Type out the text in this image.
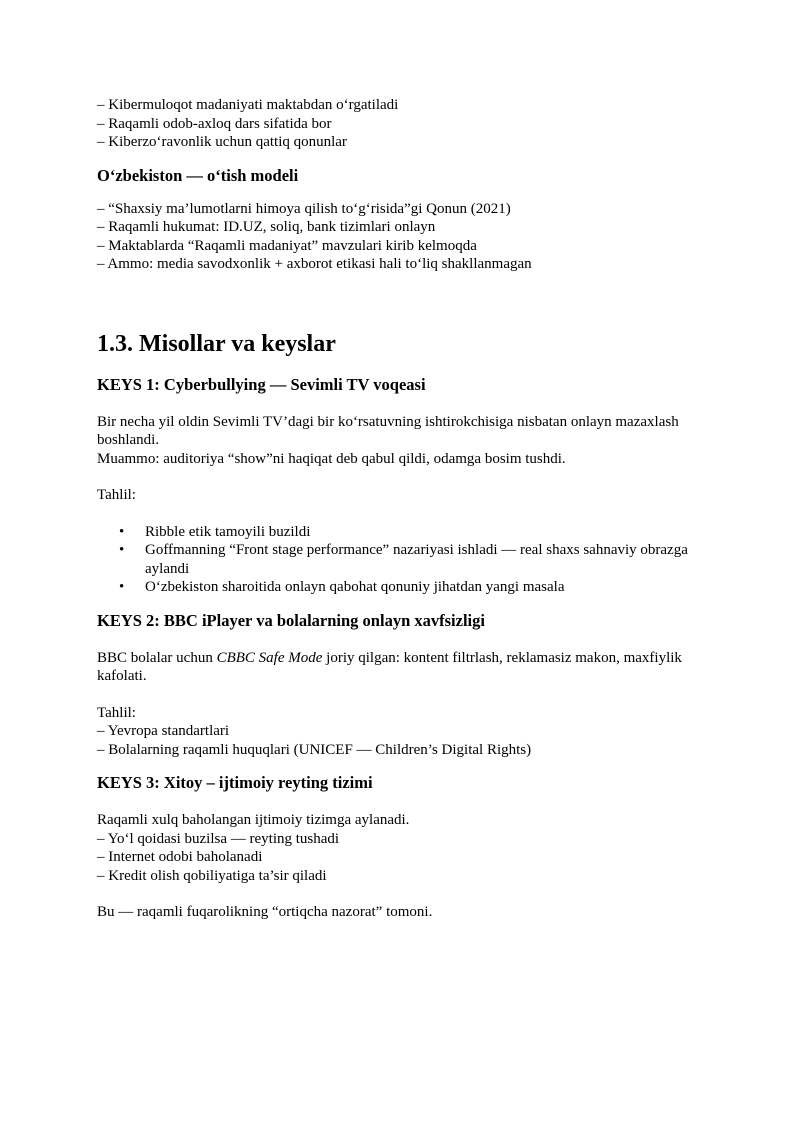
– Kibermuloqot madaniyati maktabdan o‘rgatiladi
– Raqamli odob-axloq dars sifatida bor
– Kiberzo‘ravonlik uchun qattiq qonunlar
O‘zbekiston — o‘tish modeli
– “Shaxsiy ma’lumotlarni himoya qilish to‘g‘risida”gi Qonun (2021)
– Raqamli hukumat: ID.UZ, soliq, bank tizimlari onlayn
– Maktablarda “Raqamli madaniyat” mavzulari kirib kelmoqda
– Ammo: media savodxonlik + axborot etikasi hali to‘liq shakllanmagan
1.3. Misollar va keyslar
KEYS 1: Cyberbullying — Sevimli TV voqeasi
Bir necha yil oldin Sevimli TV’dagi bir ko‘rsatuvning ishtirokchisiga nisbatan onlayn mazaxlash boshlandi.
Muammo: auditoriya “show”ni haqiqat deb qabul qildi, odamga bosim tushdi.
Tahlil:
• Ribble etik tamoyili buzildi
• Goffmanning “Front stage performance” nazariyasi ishladi — real shaxs sahnaviy obrazga aylandi
• O‘zbekiston sharoitida onlayn qabohat qonuniy jihatdan yangi masala
KEYS 2: BBC iPlayer va bolalarning onlayn xavfsizligi
BBC bolalar uchun CBBC Safe Mode joriy qilgan: kontent filtrlash, reklamasiz makon, maxfiylik kafolati.
Tahlil:
– Yevropa standartlari
– Bolalarning raqamli huquqlari (UNICEF — Children’s Digital Rights)
KEYS 3: Xitoy – ijtimoiy reyting tizimi
Raqamli xulq baholangan ijtimoiy tizimga aylanadi.
– Yo‘l qoidasi buzilsa — reyting tushadi
– Internet odobi baholanadi
– Kredit olish qobiliyatiga ta’sir qiladi
Bu — raqamli fuqarolikning “ortiqcha nazorat” tomoni.
